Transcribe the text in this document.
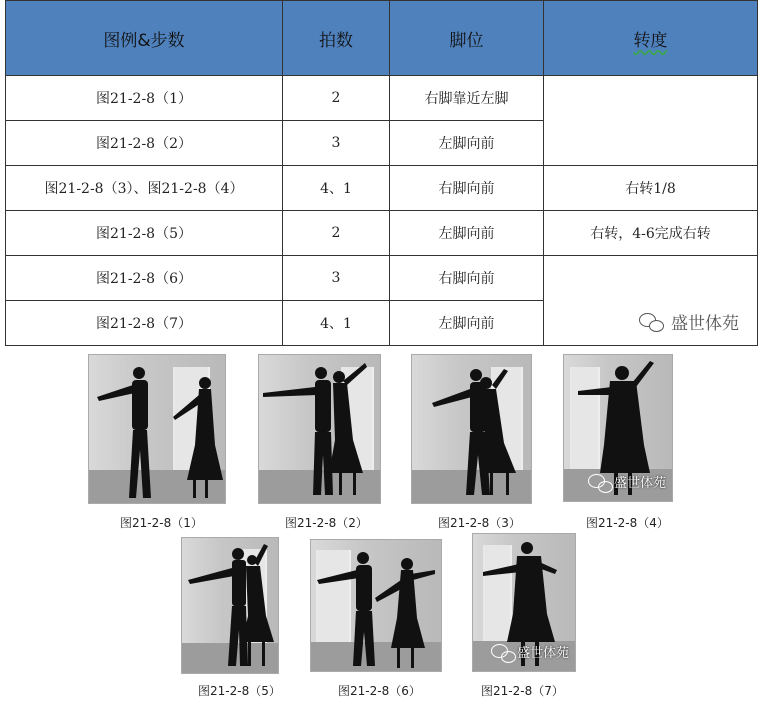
图例&步数	拍数	脚位	转度
图21-2-8（1）	2	右脚靠近左脚	
图21-2-8（2）	3	左脚向前	
图21-2-8（3）、图21-2-8（4）	4、1	右脚向前	右转1/8
图21-2-8（5）	2	左脚向前	右转，4-6完成右转
图21-2-8（6）	3	右脚向前	盛世体苑

图21-2-8（7）	4、1	左脚向前	
盛世体苑
盛世体苑
图21-2-8（1）	图21-2-8（2）	图21-2-8（3）	图21-2-8（4）
图21-2-8（5）	图21-2-8（6）	图21-2-8（7）
